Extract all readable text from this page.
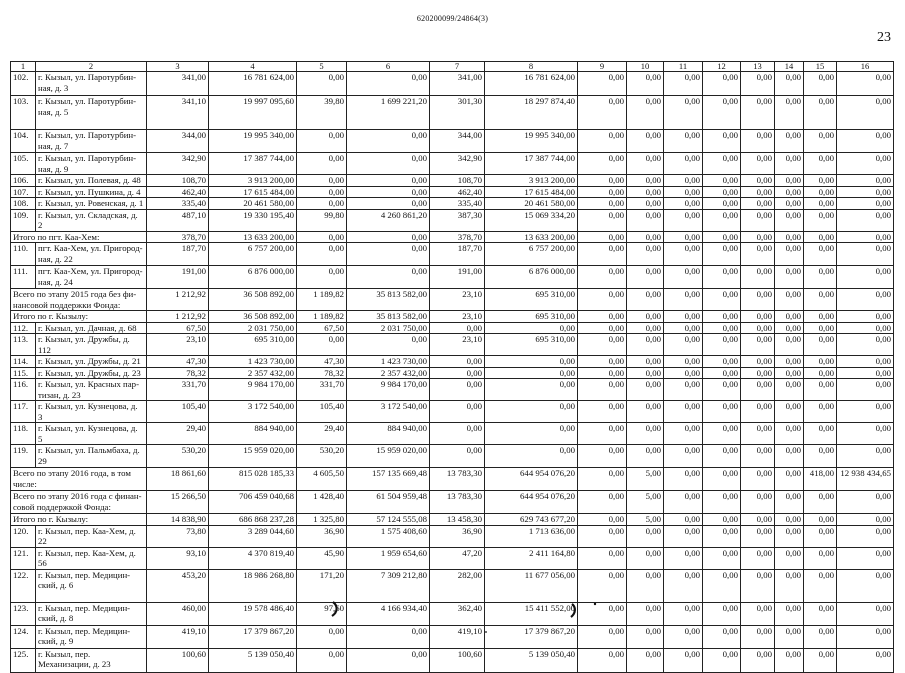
620200099/24864(3)
23
1	2	3	4	5	6	7	8	9	10	11	12	13	14	15	16
102.	г. Кызыл, ул. Паротурбин-ная, д. 3	341,00	16 781 624,00	0,00	0,00	341,00	16 781 624,00	0,00	0,00	0,00	0,00	0,00	0,00	0,00	0,00
103.	г. Кызыл, ул. Паротурбин-ная, д. 5	341,10	19 997 095,60	39,80	1 699 221,20	301,30	18 297 874,40	0,00	0,00	0,00	0,00	0,00	0,00	0,00	0,00
104.	г. Кызыл, ул. Паротурбин-ная, д. 7	344,00	19 995 340,00	0,00	0,00	344,00	19 995 340,00	0,00	0,00	0,00	0,00	0,00	0,00	0,00	0,00
105.	г. Кызыл, ул. Паротурбин-ная, д. 9	342,90	17 387 744,00	0,00	0,00	342,90	17 387 744,00	0,00	0,00	0,00	0,00	0,00	0,00	0,00	0,00
106.	г. Кызыл, ул. Полевая, д. 48	108,70	3 913 200,00	0,00	0,00	108,70	3 913 200,00	0,00	0,00	0,00	0,00	0,00	0,00	0,00	0,00
107.	г. Кызыл, ул. Пушкина, д. 4	462,40	17 615 484,00	0,00	0,00	462,40	17 615 484,00	0,00	0,00	0,00	0,00	0,00	0,00	0,00	0,00
108.	г. Кызыл, ул. Ровенская, д. 1	335,40	20 461 580,00	0,00	0,00	335,40	20 461 580,00	0,00	0,00	0,00	0,00	0,00	0,00	0,00	0,00
109.	г. Кызыл, ул. Складская, д. 2	487,10	19 330 195,40	99,80	4 260 861,20	387,30	15 069 334,20	0,00	0,00	0,00	0,00	0,00	0,00	0,00	0,00
Итого по пгт. Каа-Хем:		378,70	13 633 200,00	0,00	0,00	378,70	13 633 200,00	0,00	0,00	0,00	0,00	0,00	0,00	0,00	0,00
110.	пгт. Каа-Хем, ул. Пригород-ная, д. 22	187,70	6 757 200,00	0,00	0,00	187,70	6 757 200,00	0,00	0,00	0,00	0,00	0,00	0,00	0,00	0,00
111.	пгт. Каа-Хем, ул. Пригород-ная, д. 24	191,00	6 876 000,00	0,00	0,00	191,00	6 876 000,00	0,00	0,00	0,00	0,00	0,00	0,00	0,00	0,00
Всего по этапу 2015 года без фи-нансовой поддержки Фонда:		1 212,92	36 508 892,00	1 189,82	35 813 582,00	23,10	695 310,00	0,00	0,00	0,00	0,00	0,00	0,00	0,00	0,00
Итого по г. Кызылу:		1 212,92	36 508 892,00	1 189,82	35 813 582,00	23,10	695 310,00	0,00	0,00	0,00	0,00	0,00	0,00	0,00	0,00
112.	г. Кызыл, ул. Дачная, д. 68	67,50	2 031 750,00	67,50	2 031 750,00	0,00	0,00	0,00	0,00	0,00	0,00	0,00	0,00	0,00	0,00
113.	г. Кызыл, ул. Дружбы, д. 112	23,10	695 310,00	0,00	0,00	23,10	695 310,00	0,00	0,00	0,00	0,00	0,00	0,00	0,00	0,00
114.	г. Кызыл, ул. Дружбы, д. 21	47,30	1 423 730,00	47,30	1 423 730,00	0,00	0,00	0,00	0,00	0,00	0,00	0,00	0,00	0,00	0,00
115.	г. Кызыл, ул. Дружбы, д. 23	78,32	2 357 432,00	78,32	2 357 432,00	0,00	0,00	0,00	0,00	0,00	0,00	0,00	0,00	0,00	0,00
116.	г. Кызыл, ул. Красных пар-тизан, д. 23	331,70	9 984 170,00	331,70	9 984 170,00	0,00	0,00	0,00	0,00	0,00	0,00	0,00	0,00	0,00	0,00
117.	г. Кызыл, ул. Кузнецова, д. 3	105,40	3 172 540,00	105,40	3 172 540,00	0,00	0,00	0,00	0,00	0,00	0,00	0,00	0,00	0,00	0,00
118.	г. Кызыл, ул. Кузнецова, д. 5	29,40	884 940,00	29,40	884 940,00	0,00	0,00	0,00	0,00	0,00	0,00	0,00	0,00	0,00	0,00
119.	г. Кызыл, ул. Пальмбаха, д. 29	530,20	15 959 020,00	530,20	15 959 020,00	0,00	0,00	0,00	0,00	0,00	0,00	0,00	0,00	0,00	0,00
Всего по этапу 2016 года, в том числе:		18 861,60	815 028 185,33	4 605,50	157 135 669,48	13 783,30	644 954 076,20	0,00	5,00	0,00	0,00	0,00	0,00	418,00	12 938 434,65
Всего по этапу 2016 года с финан-совой поддержкой Фонда:		15 266,50	706 459 040,68	1 428,40	61 504 959,48	13 783,30	644 954 076,20	0,00	5,00	0,00	0,00	0,00	0,00	0,00	0,00
Итого по г. Кызылу:		14 838,90	686 868 237,28	1 325,80	57 124 555,08	13 458,30	629 743 677,20	0,00	5,00	0,00	0,00	0,00	0,00	0,00	0,00
120.	г. Кызыл, пер. Каа-Хем, д. 22	73,80	3 289 044,60	36,90	1 575 408,60	36,90	1 713 636,00	0,00	0,00	0,00	0,00	0,00	0,00	0,00	0,00
121.	г. Кызыл, пер. Каа-Хем, д. 56	93,10	4 370 819,40	45,90	1 959 654,60	47,20	2 411 164,80	0,00	0,00	0,00	0,00	0,00	0,00	0,00	0,00
122.	г. Кызыл, пер. Медицин-ский, д. 6	453,20	18 986 268,80	171,20	7 309 212,80	282,00	11 677 056,00	0,00	0,00	0,00	0,00	0,00	0,00	0,00	0,00
123.	г. Кызыл, пер. Медицин-ский, д. 8	460,00	19 578 486,40	97,60	4 166 934,40	362,40	15 411 552,00	0,00	0,00	0,00	0,00	0,00	0,00	0,00	0,00
124.	г. Кызыл, пер. Медицин-ский, д. 9	419,10	17 379 867,20	0,00	0,00	419,10	17 379 867,20	0,00	0,00	0,00	0,00	0,00	0,00	0,00	0,00
125.	г. Кызыл, пер. Механизации, д. 23	100,60	5 139 050,40	0,00	0,00	100,60	5 139 050,40	0,00	0,00	0,00	0,00	0,00	0,00	0,00	0,00
